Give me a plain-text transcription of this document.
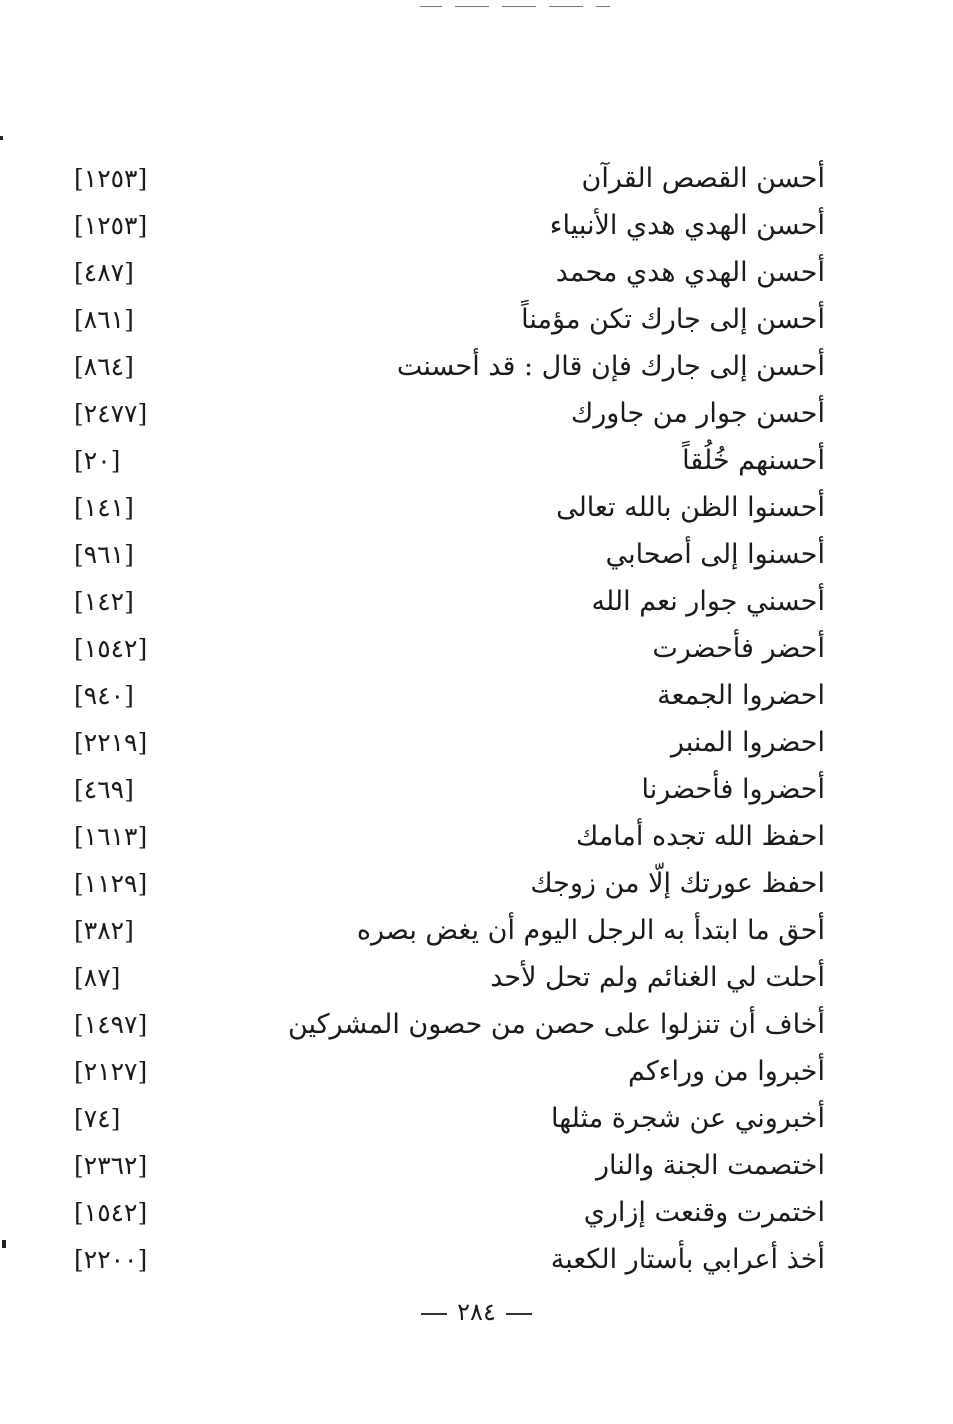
أحسن القصص القرآن
[١٢٥٣]
أحسن الهدي هدي الأنبياء
[١٢٥٣]
أحسن الهدي هدي محمد
[٤٨٧]
أحسن إلى جارك تكن مؤمناً
[٨٦١]
أحسن إلى جارك فإن قال : قد أحسنت
[٨٦٤]
أحسن جوار من جاورك
[٢٤٧٧]
أحسنهم خُلُقاً
[٢٠]
أحسنوا الظن بالله تعالى
[١٤١]
أحسنوا إلى أصحابي
[٩٦١]
أحسني جوار نعم الله
[١٤٢]
أحضر فأحضرت
[١٥٤٢]
احضروا الجمعة
[٩٤٠]
احضروا المنبر
[٢٢١٩]
أحضروا فأحضرنا
[٤٦٩]
احفظ الله تجده أمامك
[١٦١٣]
احفظ عورتك إلّا من زوجك
[١١٢٩]
أحق ما ابتدأ به الرجل اليوم أن يغض بصره
[٣٨٢]
أحلت لي الغنائم ولم تحل لأحد
[٨٧]
أخاف أن تنزلوا على حصن من حصون المشركين
[١٤٩٧]
أخبروا من وراءكم
[٢١٢٧]
أخبروني عن شجرة مثلها
[٧٤]
اختصمت الجنة والنار
[٢٣٦٢]
اختمرت وقنعت إزاري
[١٥٤٢]
أخذ أعرابي بأستار الكعبة
[٢٢٠٠]
٢٨٤
